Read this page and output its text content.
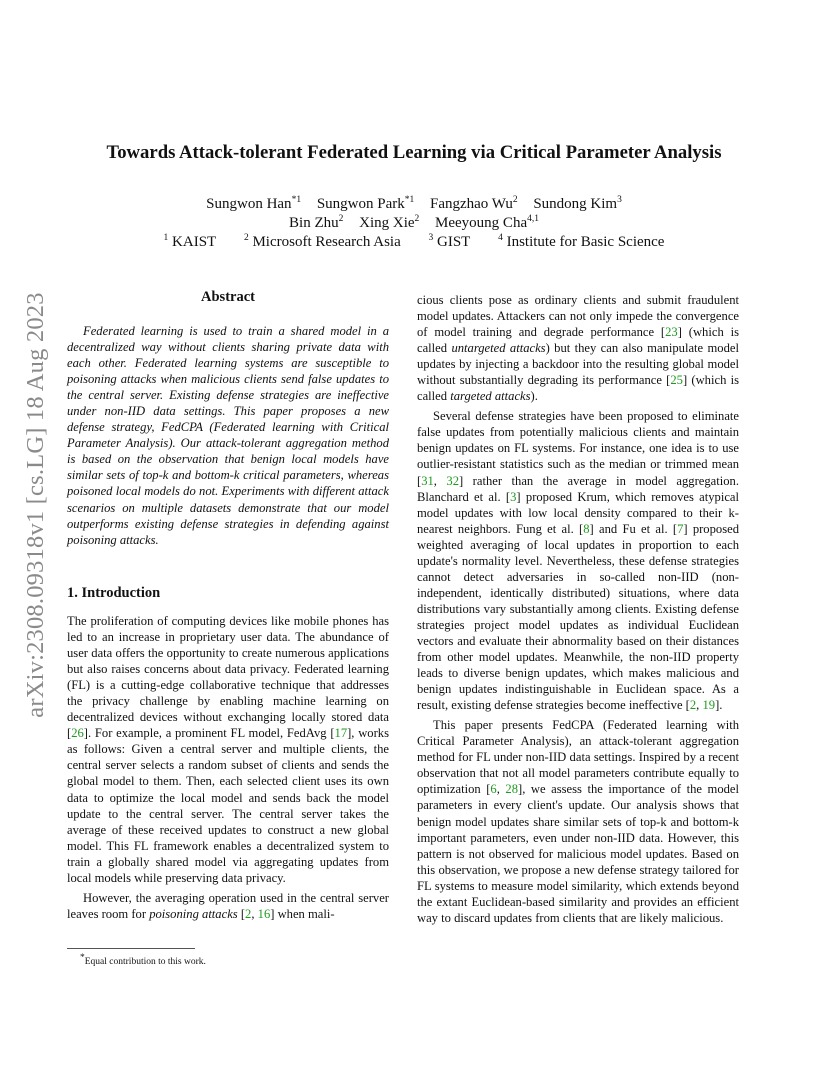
arXiv:2308.09318v1 [cs.LG] 18 Aug 2023
Towards Attack-tolerant Federated Learning via Critical Parameter Analysis
Sungwon Han$^{*1}$ Sungwon Park$^{*1}$ Fangzhao Wu$^2$ Sundong Kim$^3$
Bin Zhu$^2$ Xing Xie$^2$ Meeyoung Cha$^{4,1}$
$^1$ KAIST	$^2$ Microsoft Research Asia	$^3$ GIST	$^4$ Institute for Basic Science
Abstract

Federated learning is used to train a shared model in a decentralized way without clients sharing private data with each other. Federated learning systems are susceptible to poisoning attacks when malicious clients send false updates to the central server. Existing defense strategies are ineffective under non-IID data settings. This paper proposes a new defense strategy, FedCPA (Federated learning with Critical Parameter Analysis). Our attack-tolerant aggregation method is based on the observation that benign local models have similar sets of top-k and bottom-k critical parameters, whereas poisoned local models do not. Experiments with different attack scenarios on multiple datasets demonstrate that our model outperforms existing defense strategies in defending against poisoning attacks.

1. Introduction

The proliferation of computing devices like mobile phones has led to an increase in proprietary user data. The abundance of user data offers the opportunity to create numerous applications but also raises concerns about data privacy. Federated learning (FL) is a cutting-edge collaborative technique that addresses the privacy challenge by enabling machine learning on decentralized devices without exchanging locally stored data [26]. For example, a prominent FL model, FedAvg [17], works as follows: Given a central server and multiple clients, the central server selects a random subset of clients and sends the global model to them. Then, each selected client uses its own data to optimize the local model and sends back the model update to the central server. The central server takes the average of these received updates to construct a new global model. This FL framework enables a decentralized system to train a globally shared model via aggregating updates from local models while preserving data privacy.

However, the averaging operation used in the central server leaves room for poisoning attacks [2, 16] when mali-

cious clients pose as ordinary clients and submit fraudulent model updates. Attackers can not only impede the convergence of model training and degrade performance [23] (which is called untargeted attacks) but they can also manipulate model updates by injecting a backdoor into the resulting global model without substantially degrading its performance [25] (which is called targeted attacks).

Several defense strategies have been proposed to eliminate false updates from potentially malicious clients and maintain benign updates on FL systems. For instance, one idea is to use outlier-resistant statistics such as the median or trimmed mean [31, 32] rather than the average in model aggregation. Blanchard et al. [3] proposed Krum, which removes atypical model updates with low local density compared to their k-nearest neighbors. Fung et al. [8] and Fu et al. [7] proposed weighted averaging of local updates in proportion to each update's normality level. Nevertheless, these defense strategies cannot detect adversaries in so-called non-IID (non-independent, identically distributed) situations, where data distributions vary substantially among clients. Existing defense strategies project model updates as individual Euclidean vectors and evaluate their abnormality based on their distances from other model updates. Meanwhile, the non-IID property leads to diverse benign updates, which makes malicious and benign updates indistinguishable in Euclidean space. As a result, existing defense strategies become ineffective [2, 19].

This paper presents FedCPA (Federated learning with Critical Parameter Analysis), an attack-tolerant aggregation method for FL under non-IID data settings. Inspired by a recent observation that not all model parameters contribute equally to optimization [6, 28], we assess the importance of the model parameters in every client's update. Our analysis shows that benign model updates share similar sets of top-k and bottom-k important parameters, even under non-IID data. However, this pattern is not observed for malicious model updates. Based on this observation, we propose a new defense strategy tailored for FL systems to measure model similarity, which extends beyond the extant Euclidean-based similarity and provides an efficient way to discard updates from clients that are likely malicious.

*Equal contribution to this work.
